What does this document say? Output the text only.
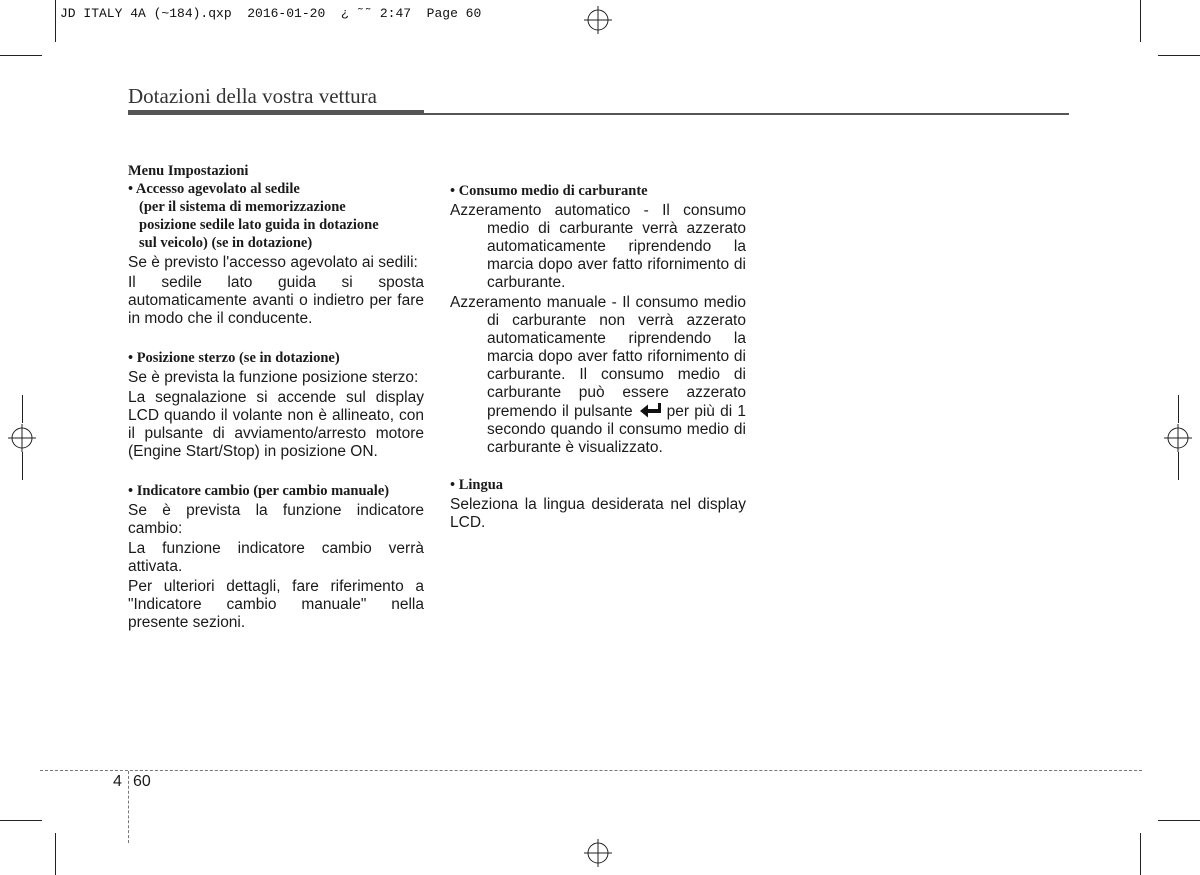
JD ITALY 4A (~184).qxp  2016-01-20  ¿ ˜˜ 2:47  Page 60
Dotazioni della vostra vettura
Menu Impostazioni
• Accesso agevolato al sedile
(per il sistema di memorizzazione
posizione sedile lato guida in dotazione
sul veicolo) (se in dotazione)

Se è previsto l'accesso agevolato ai sedili:

Il sedile lato guida si sposta automaticamente avanti o indietro per fare in modo che il conducente.

• Posizione sterzo (se in dotazione)

Se è prevista la funzione posizione sterzo:

La segnalazione si accende sul display LCD quando il volante non è allineato, con il pulsante di avviamento/arresto motore (Engine Start/Stop) in posizione ON.

• Indicatore cambio (per cambio manuale)

Se è prevista la funzione indicatore cambio:

La funzione indicatore cambio verrà attivata.

Per ulteriori dettagli, fare riferimento a "Indicatore cambio manuale" nella presente sezioni.

• Consumo medio di carburante

Azzeramento automatico - Il consumo medio di carburante verrà azzerato automaticamente riprendendo la marcia dopo aver fatto rifornimento di carburante.

Azzeramento manuale - Il consumo medio di carburante non verrà azzerato automaticamente riprendendo la marcia dopo aver fatto rifornimento di carburante. Il consumo medio di carburante può essere azzerato premendo il pulsante per più di 1 secondo quando il consumo medio di carburante è visualizzato.

• Lingua

Seleziona la lingua desiderata nel display LCD.

4 60
